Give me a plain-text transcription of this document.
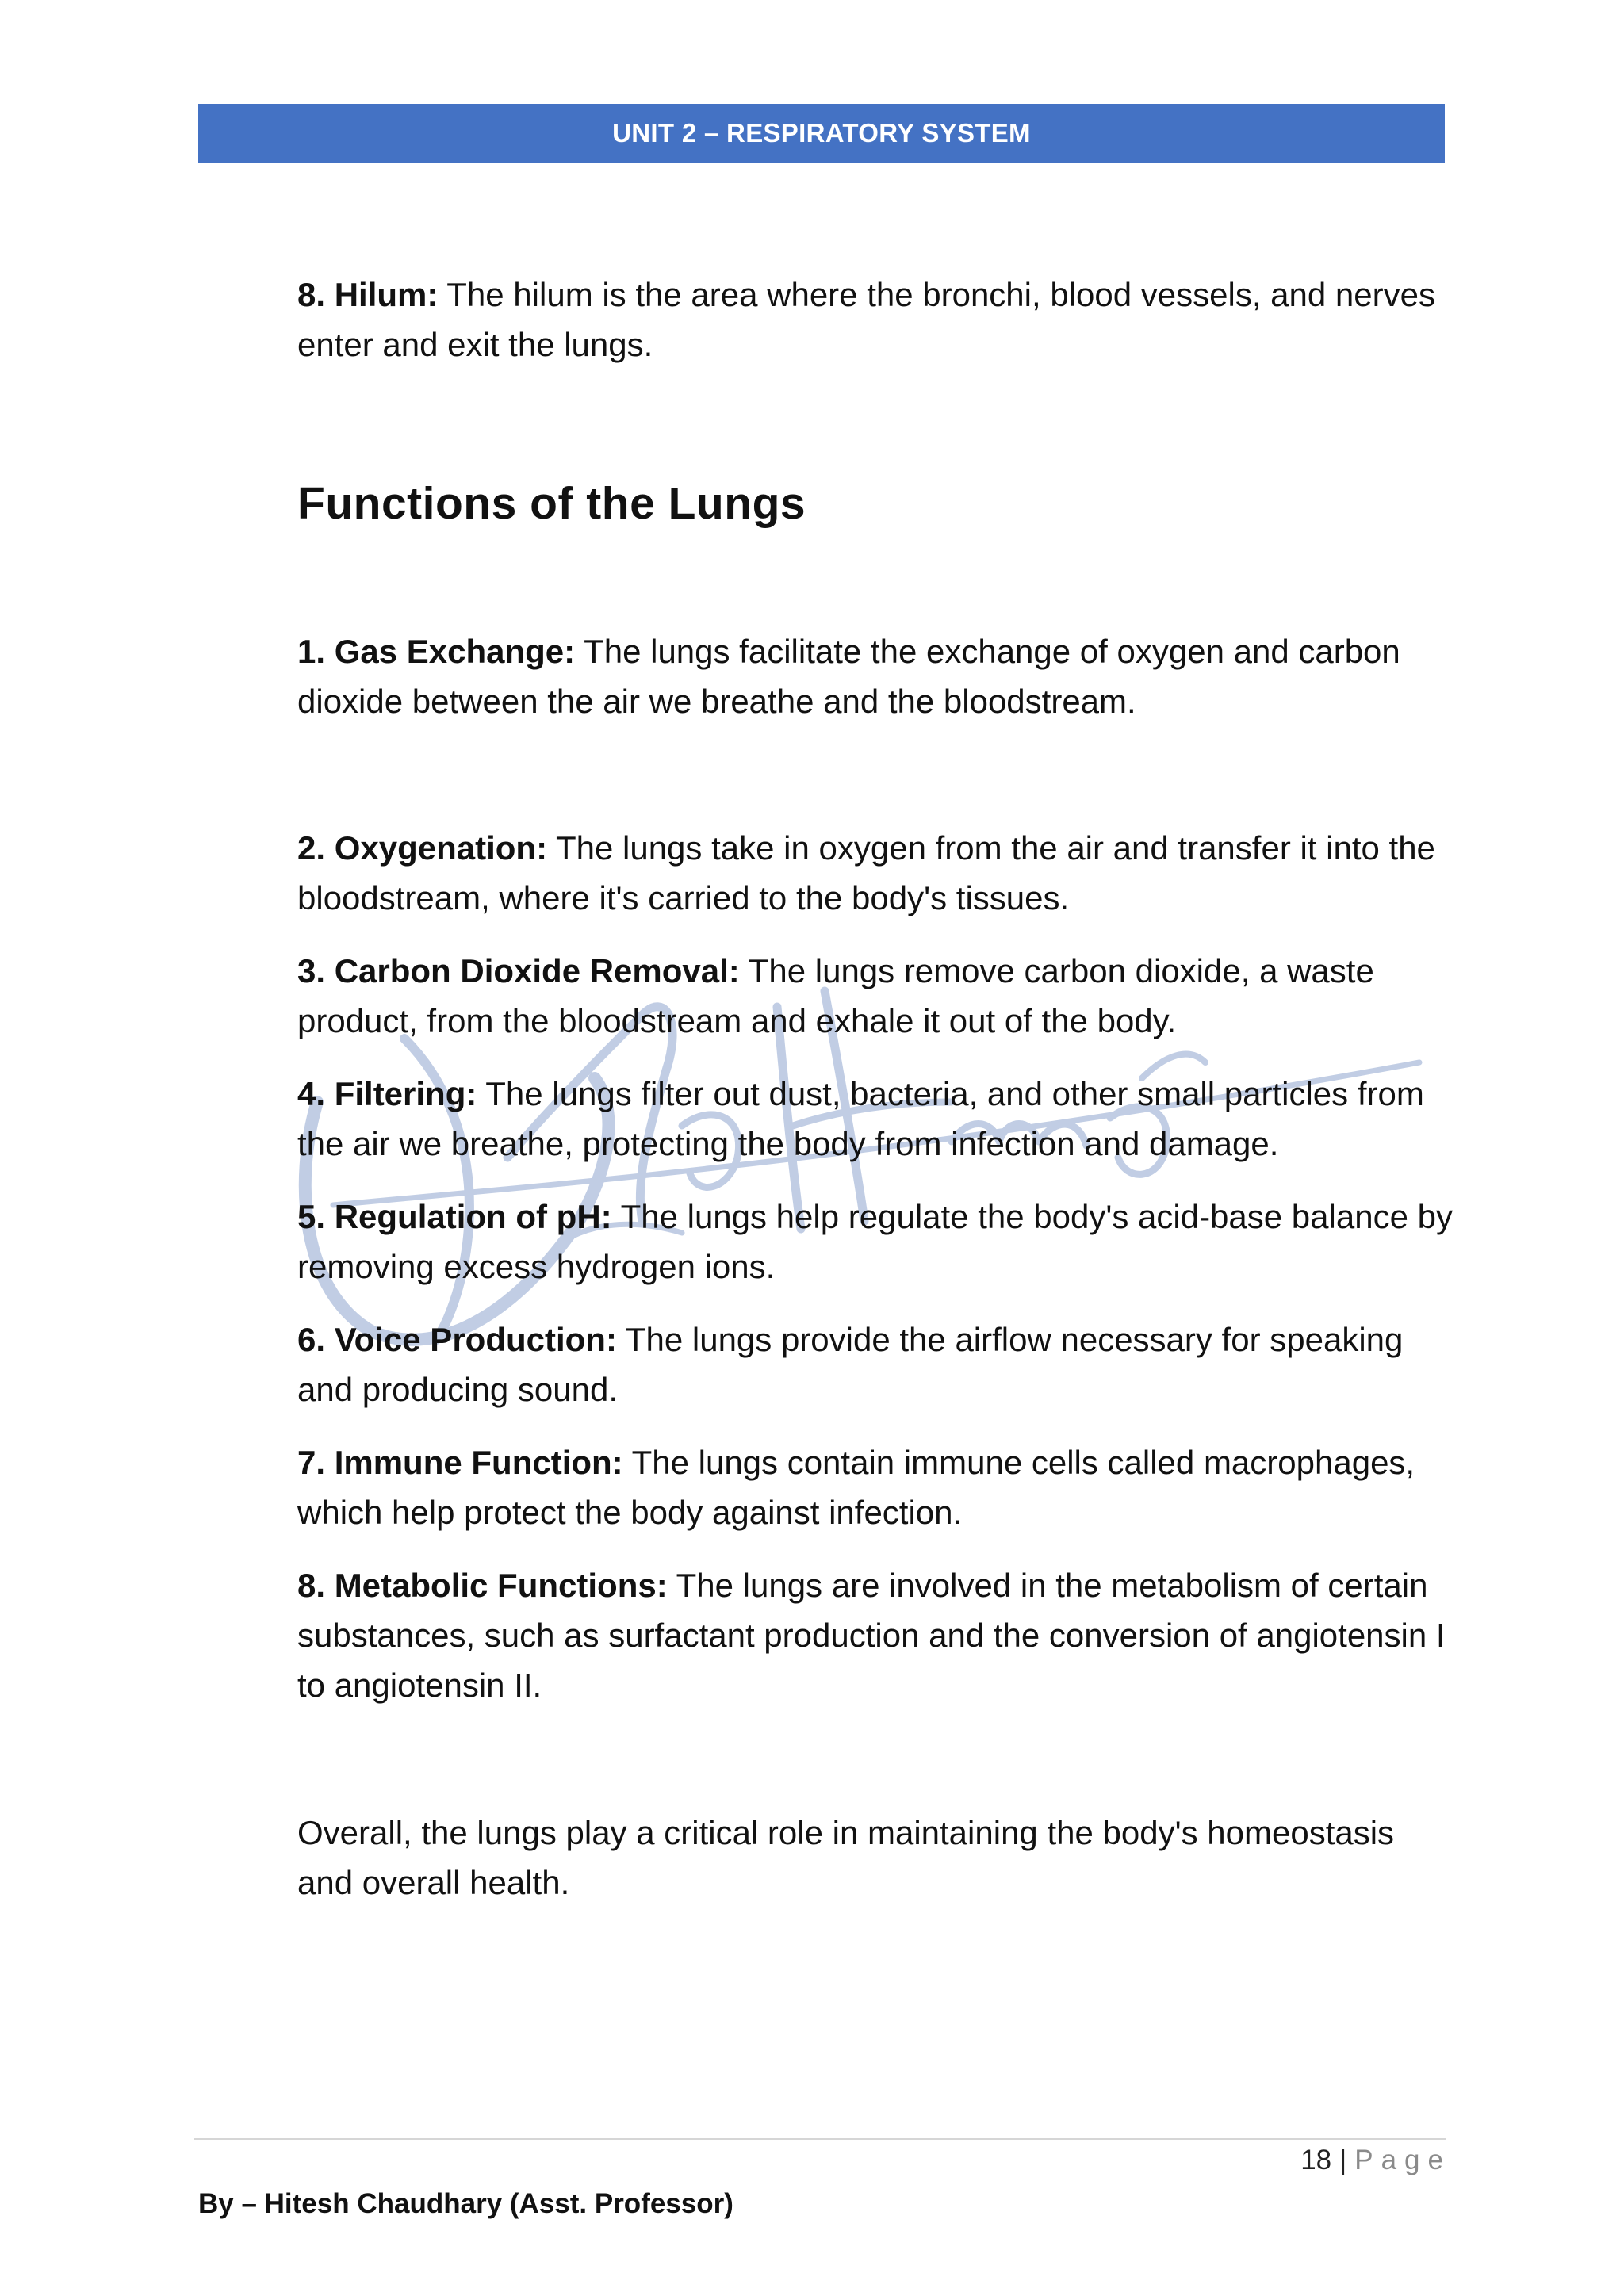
UNIT 2 – RESPIRATORY SYSTEM

8. Hilum: The hilum is the area where the bronchi, blood vessels, and nerves enter and exit the lungs.

Functions of the Lungs

1. Gas Exchange: The lungs facilitate the exchange of oxygen and carbon dioxide between the air we breathe and the bloodstream.

2. Oxygenation: The lungs take in oxygen from the air and transfer it into the bloodstream, where it's carried to the body's tissues.

3. Carbon Dioxide Removal: The lungs remove carbon dioxide, a waste product, from the bloodstream and exhale it out of the body.

4. Filtering: The lungs filter out dust, bacteria, and other small particles from the air we breathe, protecting the body from infection and damage.

5. Regulation of pH: The lungs help regulate the body's acid-base balance by removing excess hydrogen ions.

6. Voice Production: The lungs provide the airflow necessary for speaking and producing sound.

7. Immune Function: The lungs contain immune cells called macrophages, which help protect the body against infection.

8. Metabolic Functions: The lungs are involved in the metabolism of certain substances, such as surfactant production and the conversion of angiotensin I to angiotensin II.

Overall, the lungs play a critical role in maintaining the body's homeostasis and overall health.

18 | Page
By – Hitesh Chaudhary (Asst. Professor)
